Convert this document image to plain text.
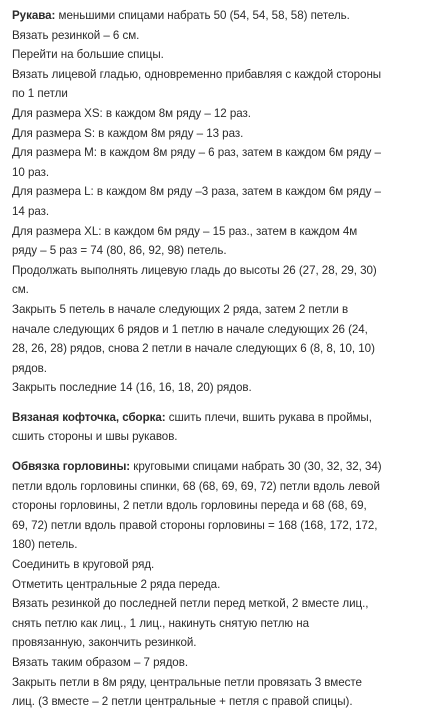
Рукава: меньшими спицами набрать 50 (54, 54, 58, 58) петель.
Вязать резинкой – 6 см.
Перейти на большие спицы.
Вязать лицевой гладью, одновременно прибавляя с каждой стороны
по 1 петли
Для размера XS: в каждом 8м ряду – 12 раз.
Для размера S: в каждом 8м ряду – 13 раз.
Для размера M: в каждом 8м ряду – 6 раз, затем в каждом 6м ряду –
10 раз.
Для размера L: в каждом 8м ряду –3 раза, затем в каждом 6м ряду –
14 раз.
Для размера XL: в каждом 6м ряду – 15 раз., затем в каждом 4м
ряду – 5 раз = 74 (80, 86, 92, 98) петель.
Продолжать выполнять лицевую гладь до высоты 26 (27, 28, 29, 30)
см.
Закрыть 5 петель в начале следующих 2 ряда, затем 2 петли в
начале следующих 6 рядов и 1 петлю в начале следующих 26 (24,
28, 26, 28) рядов, снова 2 петли в начале следующих 6 (8, 8, 10, 10)
рядов.
Закрыть последние 14 (16, 16, 18, 20) рядов.
Вязаная кофточка, сборка: сшить плечи, вшить рукава в проймы,
сшить стороны и швы рукавов.
Обвязка горловины: круговыми спицами набрать 30 (30, 32, 32, 34)
петли вдоль горловины спинки, 68 (68, 69, 69, 72) петли вдоль левой
стороны горловины, 2 петли вдоль горловины переда и 68 (68, 69,
69, 72) петли вдоль правой стороны горловины = 168 (168, 172, 172,
180) петель.
Соединить в круговой ряд.
Отметить центральные 2 ряда переда.
Вязать резинкой до последней петли перед меткой, 2 вместе лиц.,
снять петлю как лиц., 1 лиц., накинуть снятую петлю на
провязанную, закончить резинкой.
Вязать таким образом – 7 рядов.
Закрыть петли в 8м ряду, центральные петли провязать 3 вместе
лиц. (3 вместе – 2 петли центральные + петля с правой спицы).
